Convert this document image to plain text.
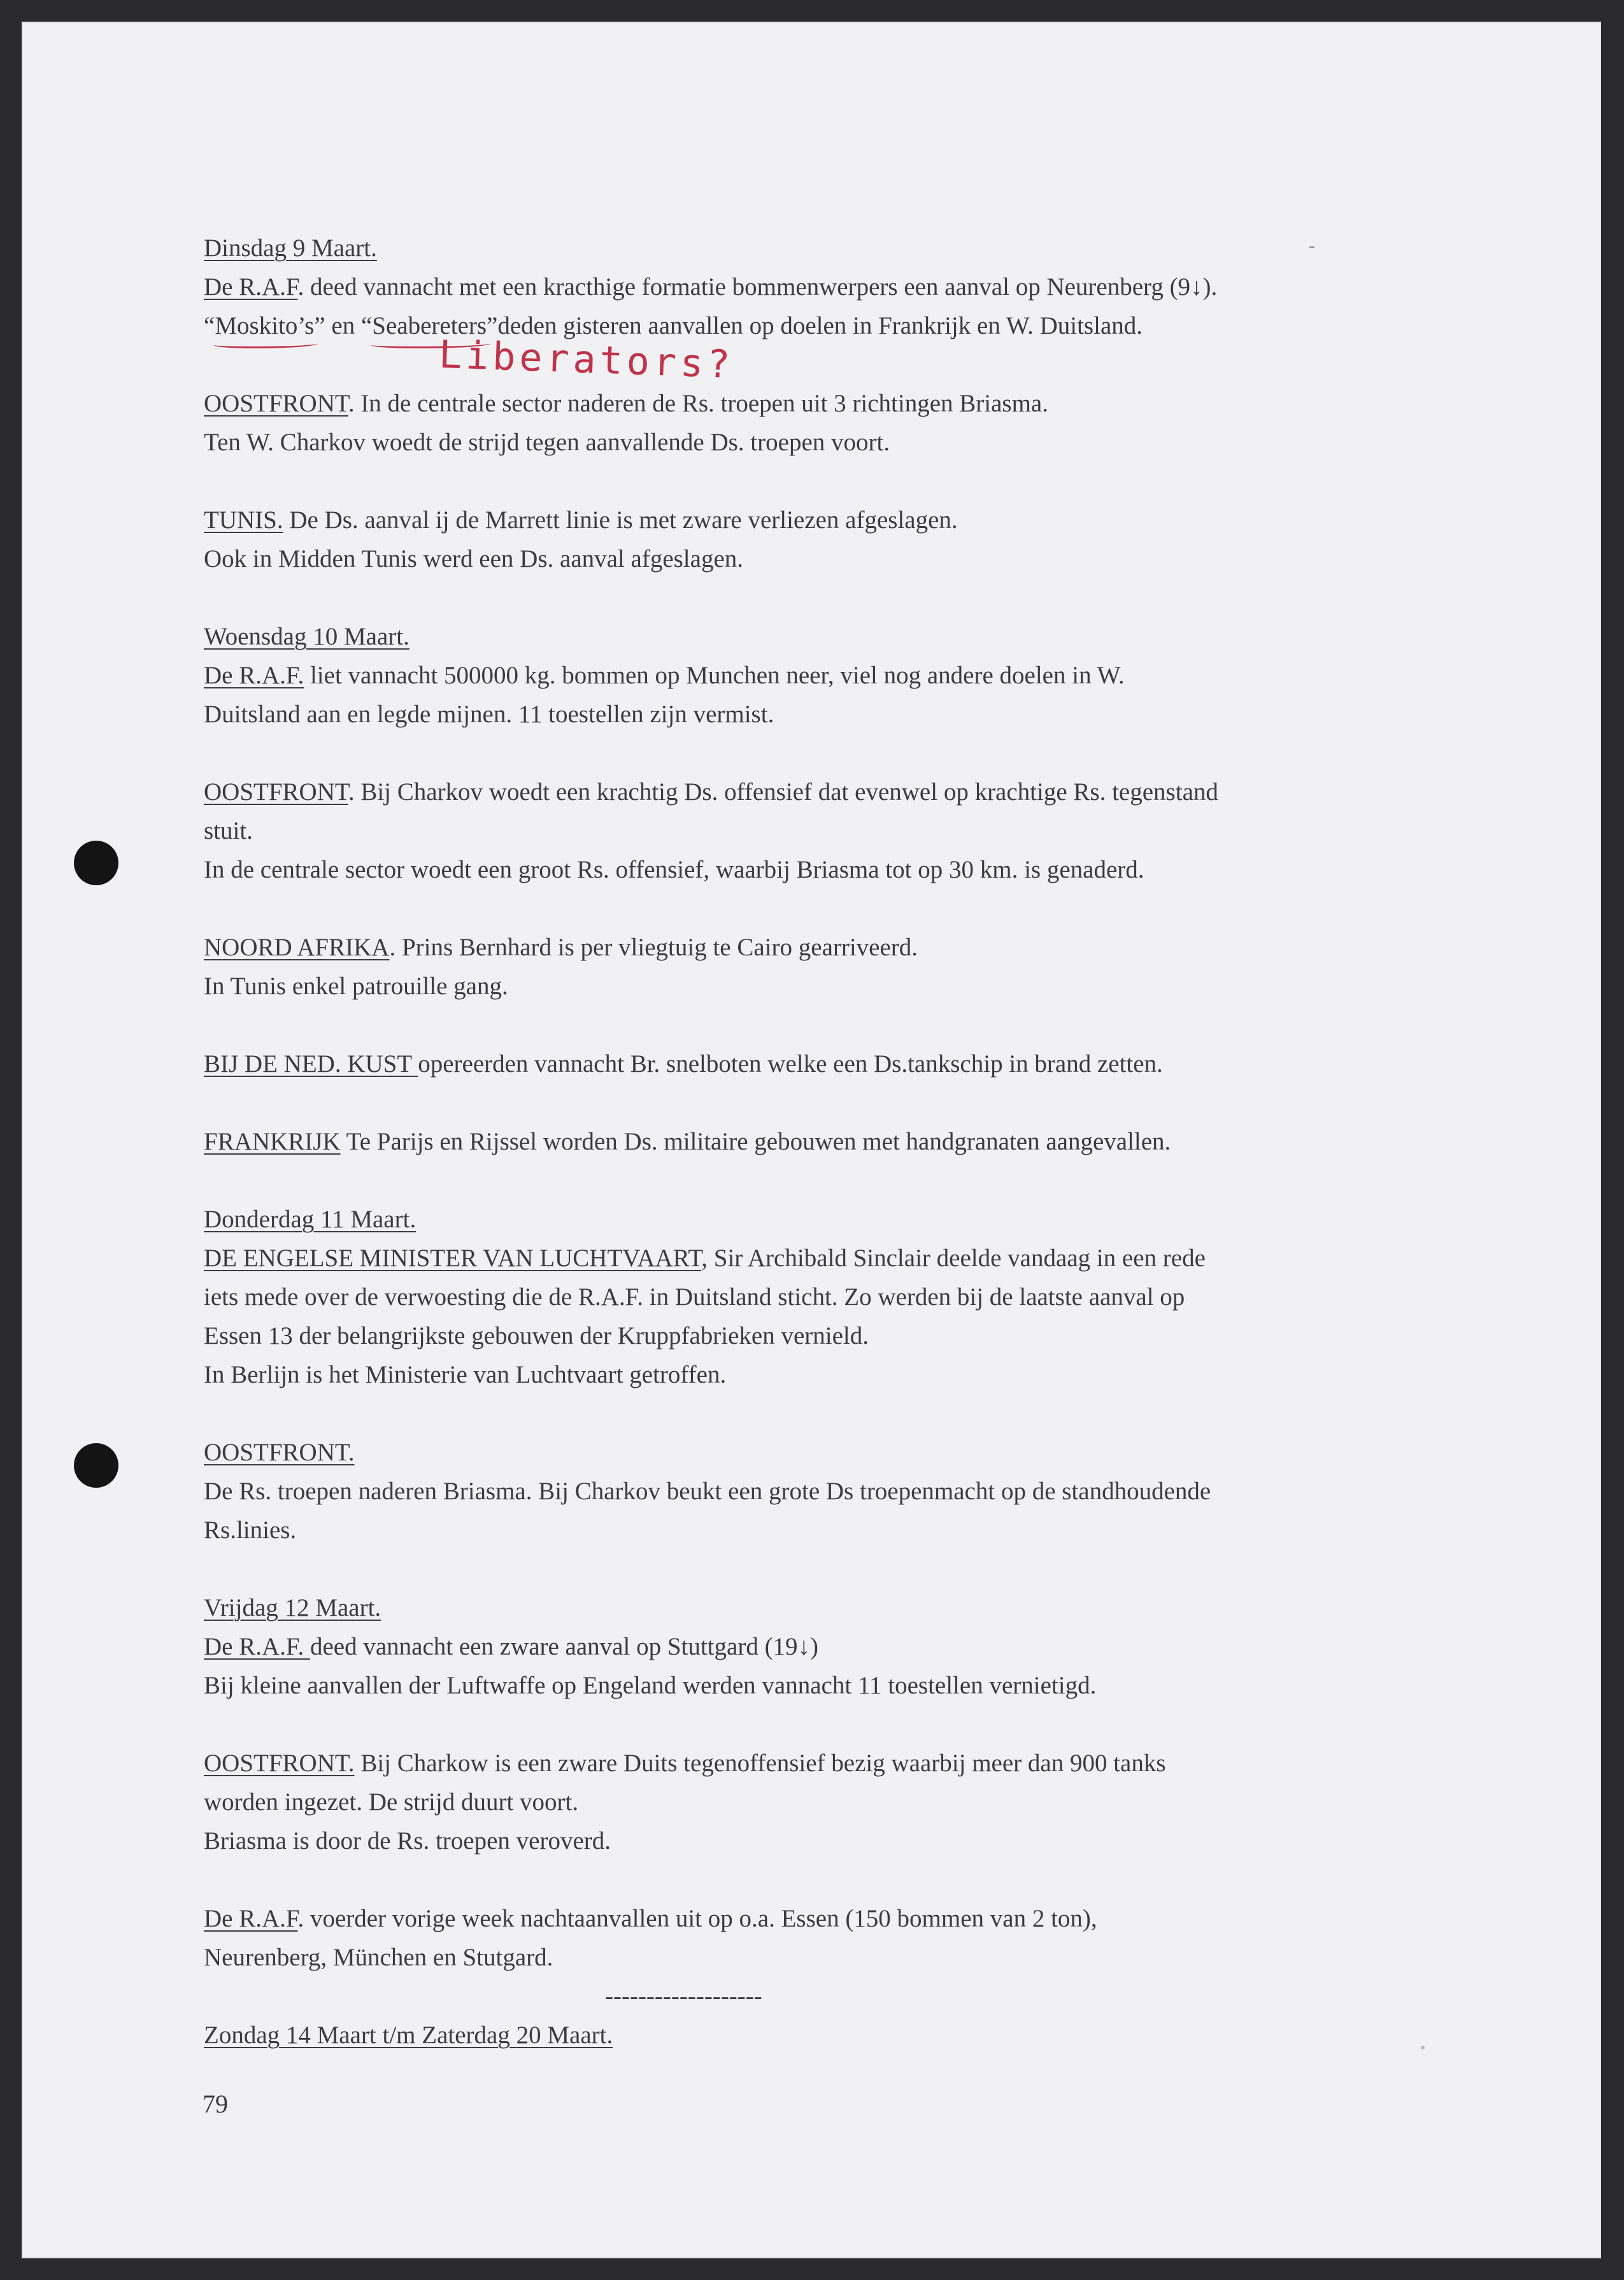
Dinsdag 9 Maart.
De R.A.F. deed vannacht met een kracthige formatie bommenwerpers een aanval op Neurenberg (9↓).
“Moskito’s” en “Seabereters”deden gisteren aanvallen op doelen in Frankrijk en W. Duitsland.
OOSTFRONT. In de centrale sector naderen de Rs. troepen uit 3 richtingen Briasma.
Ten W. Charkov woedt de strijd tegen aanvallende Ds. troepen voort.
TUNIS. De Ds. aanval ij de Marrett linie is met zware verliezen afgeslagen.
Ook in Midden Tunis werd een Ds. aanval afgeslagen.
Woensdag 10 Maart.
De R.A.F. liet vannacht 500000 kg. bommen op Munchen neer, viel nog andere doelen in W.
Duitsland aan en legde mijnen. 11 toestellen zijn vermist.
OOSTFRONT. Bij Charkov woedt een krachtig Ds. offensief dat evenwel op krachtige Rs. tegenstand
stuit.
In de centrale sector woedt een groot Rs. offensief, waarbij Briasma tot op 30 km. is genaderd.
NOORD AFRIKA. Prins Bernhard is per vliegtuig te Cairo gearriveerd.
In Tunis enkel patrouille gang.
BIJ DE NED. KUST opereerden vannacht Br. snelboten welke een Ds.tankschip in brand zetten.
FRANKRIJK Te Parijs en Rijssel worden Ds. militaire gebouwen met handgranaten aangevallen.
Donderdag 11 Maart.
DE ENGELSE MINISTER VAN LUCHTVAART, Sir Archibald Sinclair deelde vandaag in een rede
iets mede over de verwoesting die de R.A.F. in Duitsland sticht. Zo werden bij de laatste aanval op
Essen 13 der belangrijkste gebouwen der Kruppfabrieken vernield.
In Berlijn is het Ministerie van Luchtvaart getroffen.
OOSTFRONT.
De Rs. troepen naderen Briasma. Bij Charkov beukt een grote Ds troepenmacht op de standhoudende
Rs.linies.
Vrijdag 12 Maart.
De R.A.F. deed vannacht een zware aanval op Stuttgard (19↓)
Bij kleine aanvallen der Luftwaffe op Engeland werden vannacht 11 toestellen vernietigd.
OOSTFRONT. Bij Charkow is een zware Duits tegenoffensief bezig waarbij meer dan 900 tanks
worden ingezet. De strijd duurt voort.
Briasma is door de Rs. troepen veroverd.
De R.A.F. voerder vorige week nachtaanvallen uit op o.a. Essen (150 bommen van 2 ton),
Neurenberg, München en Stutgard.
-------------------
Zondag 14 Maart t/m Zaterdag 20 Maart.
Liberators?
79
